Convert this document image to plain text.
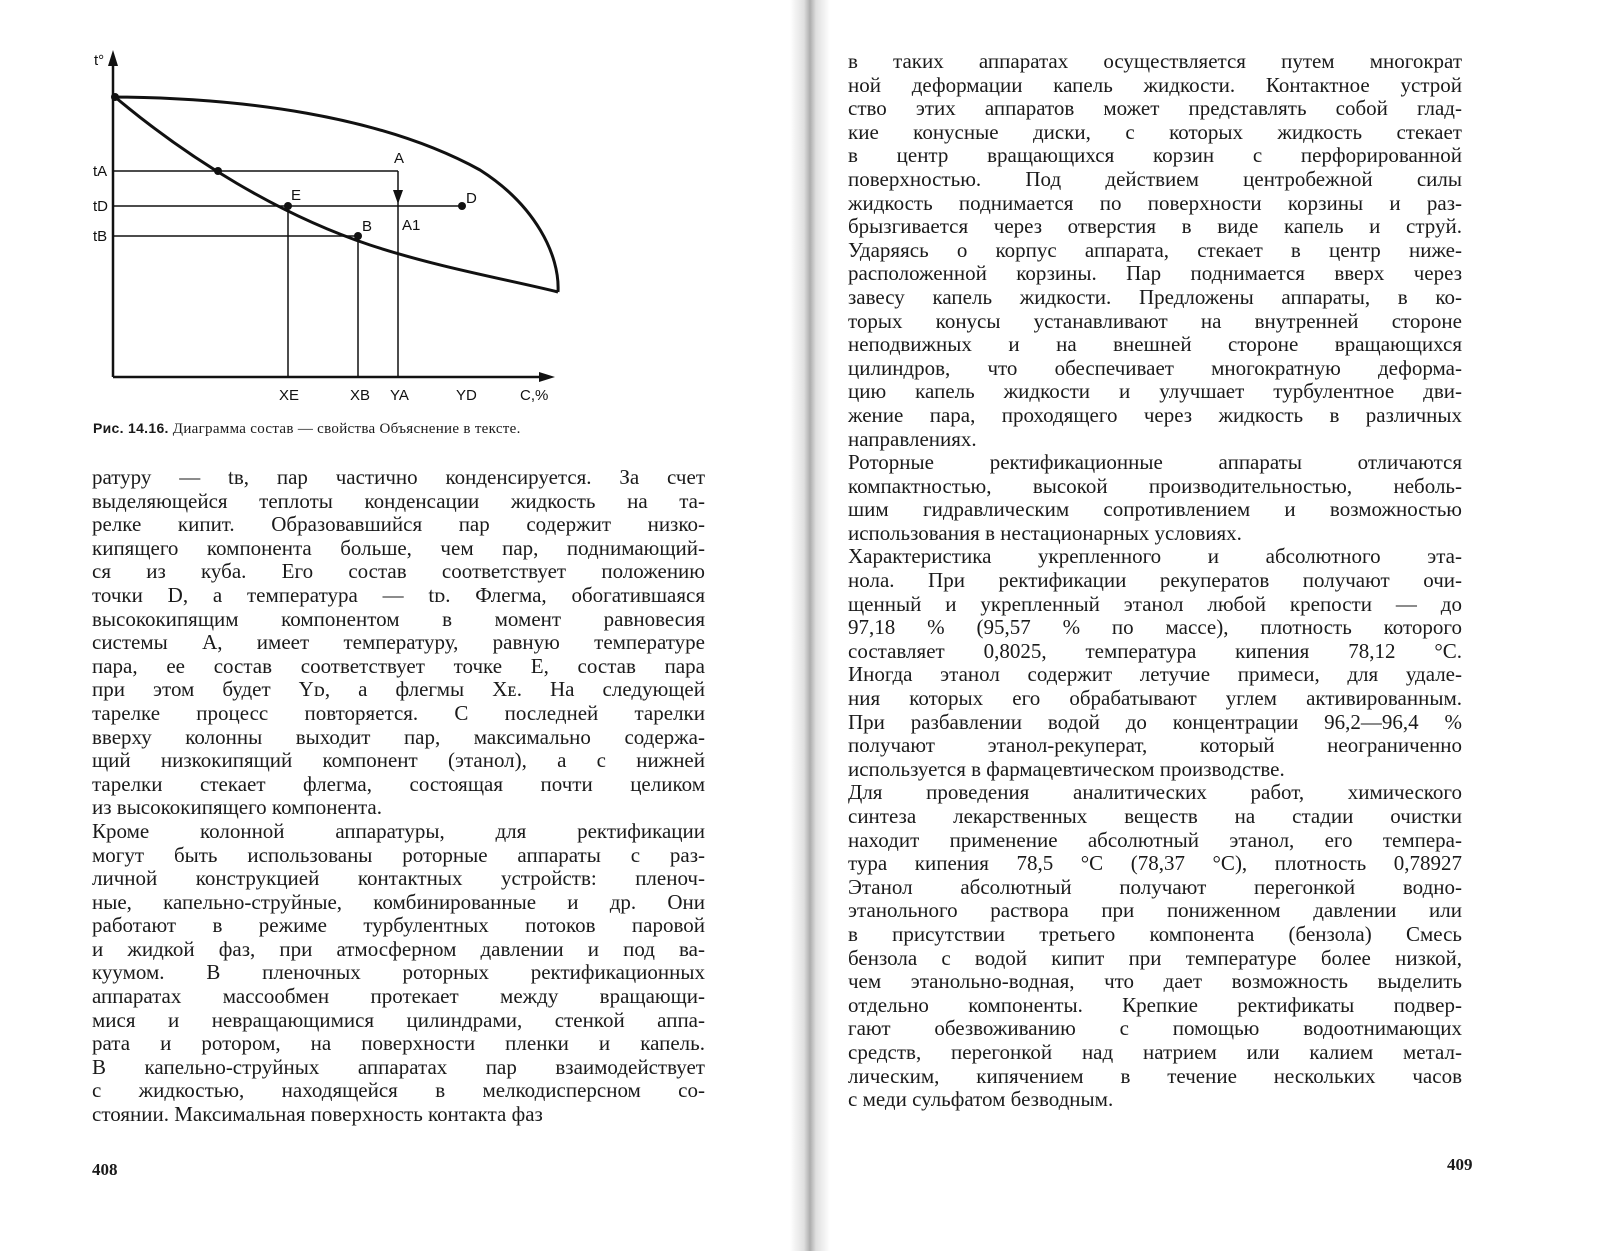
t°
tA
tD
tB
A
D
E
B A1
XE	XB YA	YD	C,%
Рис. 14.16. Диаграмма состав — свойства Объяснение в тексте.
ратуру — tв, пар частично конденсируется. За счет
выделяющейся теплоты конденсации жидкость на та-
релке кипит. Образовавшийся пар содержит низко-
кипящего компонента больше, чем пар, поднимающий-
ся из куба. Его состав соответствует положению
точки D, а температура — tᴅ. Флегма, обогатившаяся
высококипящим компонентом в момент равновесия
системы А, имеет температуру, равную температуре
пара, ее состав соответствует точке Е, состав пара
при этом будет Yᴅ, а флегмы Xᴇ. На следующей
тарелке процесс повторяется. С последней тарелки
вверху колонны выходит пар, максимально содержа-
щий низкокипящий компонент (этанол), а с нижней
тарелки стекает флегма, состоящая почти целиком
из высококипящего компонента.
Кроме колонной аппаратуры, для ректификации
могут быть использованы роторные аппараты с раз-
личной конструкцией контактных устройств: пленоч-
ные, капельно-струйные, комбинированные и др. Они
работают в режиме турбулентных потоков паровой
и жидкой фаз, при атмосферном давлении и под ва-
куумом. В пленочных роторных ректификационных
аппаратах массообмен протекает между вращающи-
мися и невращающимися цилиндрами, стенкой аппа-
рата и ротором, на поверхности пленки и капель.
В капельно-струйных аппаратах пар взаимодействует
с жидкостью, находящейся в мелкодисперсном со-
стоянии. Максимальная поверхность контакта фаз
408
в таких аппаратах осуществляется путем многократ
ной деформации капель жидкости. Контактное устрой
ство этих аппаратов может представлять собой глад-
кие конусные диски, с которых жидкость стекает
в центр вращающихся корзин с перфорированной
поверхностью. Под действием центробежной силы
жидкость поднимается по поверхности корзины и раз-
брызгивается через отверстия в виде капель и струй.
Ударяясь о корпус аппарата, стекает в центр ниже-
расположенной корзины. Пар поднимается вверх через
завесу капель жидкости. Предложены аппараты, в ко-
торых конусы устанавливают на внутренней стороне
неподвижных и на внешней стороне вращающихся
цилиндров, что обеспечивает многократную деформа-
цию капель жидкости и улучшает турбулентное дви-
жение пара, проходящего через жидкость в различных
направлениях.
Роторные ректификационные аппараты отличаются
компактностью, высокой производительностью, неболь-
шим гидравлическим сопротивлением и возможностью
использования в нестационарных условиях.
Характеристика укрепленного и абсолютного эта-
нола. При ректификации рекуператов получают очи-
щенный и укрепленный этанол любой крепости — до
97,18 % (95,57 % по массе), плотность которого
составляет 0,8025, температура кипения 78,12 °С.
Иногда этанол содержит летучие примеси, для удале-
ния которых его обрабатывают углем активированным.
При разбавлении водой до концентрации 96,2—96,4 %
получают этанол-рекуперат, который неограниченно
используется в фармацевтическом производстве.
Для проведения аналитических работ, химического
синтеза лекарственных веществ на стадии очистки
находит применение абсолютный этанол, его темпера-
тура кипения 78,5 °С (78,37 °С), плотность 0,78927
Этанол абсолютный получают перегонкой водно-
этанольного раствора при пониженном давлении или
в присутствии третьего компонента (бензола) Смесь
бензола с водой кипит при температуре более низкой,
чем этанольно-водная, что дает возможность выделить
отдельно компоненты. Крепкие ректификаты подвер-
гают обезвоживанию с помощью водоотнимающих
средств, перегонкой над натрием или калием метал-
лическим, кипячением в течение нескольких часов
с меди сульфатом безводным.
409
